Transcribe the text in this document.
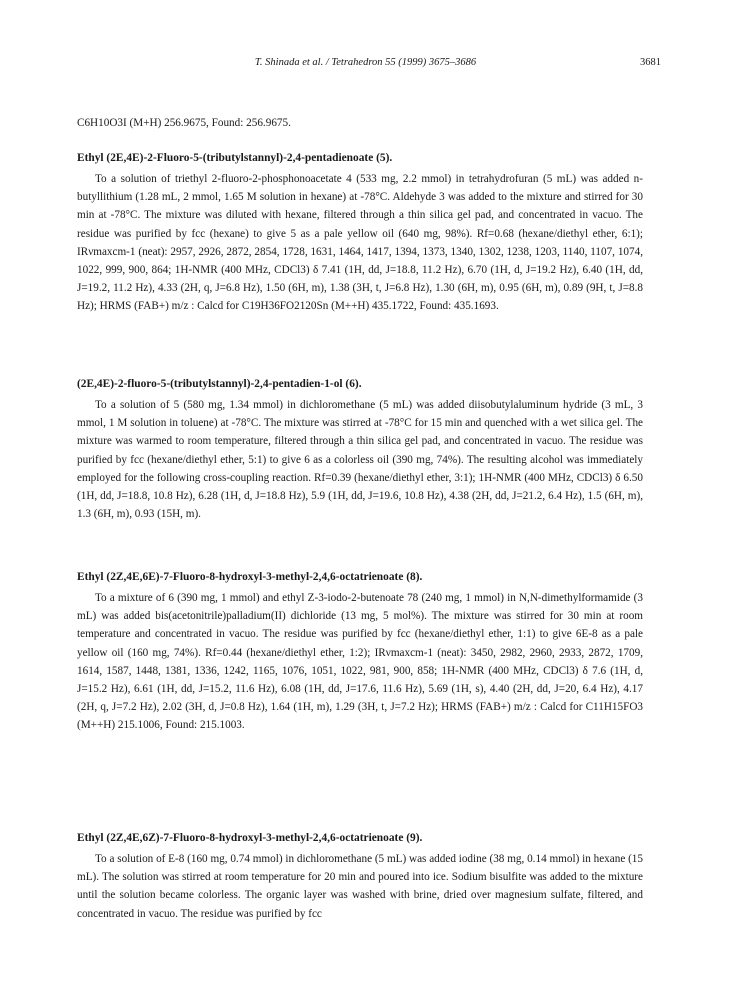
T. Shinada et al. / Tetrahedron 55 (1999) 3675–3686	3681
C6H10O3I (M+H) 256.9675, Found: 256.9675.
Ethyl (2E,4E)-2-Fluoro-5-(tributylstannyl)-2,4-pentadienoate (5).
To a solution of triethyl 2-fluoro-2-phosphonoacetate 4 (533 mg, 2.2 mmol) in tetrahydrofuran (5 mL) was added n-butyllithium (1.28 mL, 2 mmol, 1.65 M solution in hexane) at -78°C. Aldehyde 3 was added to the mixture and stirred for 30 min at -78°C. The mixture was diluted with hexane, filtered through a thin silica gel pad, and concentrated in vacuo. The residue was purified by fcc (hexane) to give 5 as a pale yellow oil (640 mg, 98%). Rf=0.68 (hexane/diethyl ether, 6:1); IRνmaxcm-1 (neat): 2957, 2926, 2872, 2854, 1728, 1631, 1464, 1417, 1394, 1373, 1340, 1302, 1238, 1203, 1140, 1107, 1074, 1022, 999, 900, 864; 1H-NMR (400 MHz, CDCl3) δ 7.41 (1H, dd, J=18.8, 11.2 Hz), 6.70 (1H, d, J=19.2 Hz), 6.40 (1H, dd, J=19.2, 11.2 Hz), 4.33 (2H, q, J=6.8 Hz), 1.50 (6H, m), 1.38 (3H, t, J=6.8 Hz), 1.30 (6H, m), 0.95 (6H, m), 0.89 (9H, t, J=8.8 Hz); HRMS (FAB+) m/z : Calcd for C19H36FO2120Sn (M++H) 435.1722, Found: 435.1693.
(2E,4E)-2-fluoro-5-(tributylstannyl)-2,4-pentadien-1-ol (6).
To a solution of 5 (580 mg, 1.34 mmol) in dichloromethane (5 mL) was added diisobutylaluminum hydride (3 mL, 3 mmol, 1 M solution in toluene) at -78°C. The mixture was stirred at -78°C for 15 min and quenched with a wet silica gel. The mixture was warmed to room temperature, filtered through a thin silica gel pad, and concentrated in vacuo. The residue was purified by fcc (hexane/diethyl ether, 5:1) to give 6 as a colorless oil (390 mg, 74%). The resulting alcohol was immediately employed for the following cross-coupling reaction. Rf=0.39 (hexane/diethyl ether, 3:1); 1H-NMR (400 MHz, CDCl3) δ 6.50 (1H, dd, J=18.8, 10.8 Hz), 6.28 (1H, d, J=18.8 Hz), 5.9 (1H, dd, J=19.6, 10.8 Hz), 4.38 (2H, dd, J=21.2, 6.4 Hz), 1.5 (6H, m), 1.3 (6H, m), 0.93 (15H, m).
Ethyl (2Z,4E,6E)-7-Fluoro-8-hydroxyl-3-methyl-2,4,6-octatrienoate (8).
To a mixture of 6 (390 mg, 1 mmol) and ethyl Z-3-iodo-2-butenoate 78 (240 mg, 1 mmol) in N,N-dimethylformamide (3 mL) was added bis(acetonitrile)palladium(II) dichloride (13 mg, 5 mol%). The mixture was stirred for 30 min at room temperature and concentrated in vacuo. The residue was purified by fcc (hexane/diethyl ether, 1:1) to give 6E-8 as a pale yellow oil (160 mg, 74%). Rf=0.44 (hexane/diethyl ether, 1:2); IRνmaxcm-1 (neat): 3450, 2982, 2960, 2933, 2872, 1709, 1614, 1587, 1448, 1381, 1336, 1242, 1165, 1076, 1051, 1022, 981, 900, 858; 1H-NMR (400 MHz, CDCl3) δ 7.6 (1H, d, J=15.2 Hz), 6.61 (1H, dd, J=15.2, 11.6 Hz), 6.08 (1H, dd, J=17.6, 11.6 Hz), 5.69 (1H, s), 4.40 (2H, dd, J=20, 6.4 Hz), 4.17 (2H, q, J=7.2 Hz), 2.02 (3H, d, J=0.8 Hz), 1.64 (1H, m), 1.29 (3H, t, J=7.2 Hz); HRMS (FAB+) m/z : Calcd for C11H15FO3 (M++H) 215.1006, Found: 215.1003.
Ethyl (2Z,4E,6Z)-7-Fluoro-8-hydroxyl-3-methyl-2,4,6-octatrienoate (9).
To a solution of E-8 (160 mg, 0.74 mmol) in dichloromethane (5 mL) was added iodine (38 mg, 0.14 mmol) in hexane (15 mL). The solution was stirred at room temperature for 20 min and poured into ice. Sodium bisulfite was added to the mixture until the solution became colorless. The organic layer was washed with brine, dried over magnesium sulfate, filtered, and concentrated in vacuo. The residue was purified by fcc
